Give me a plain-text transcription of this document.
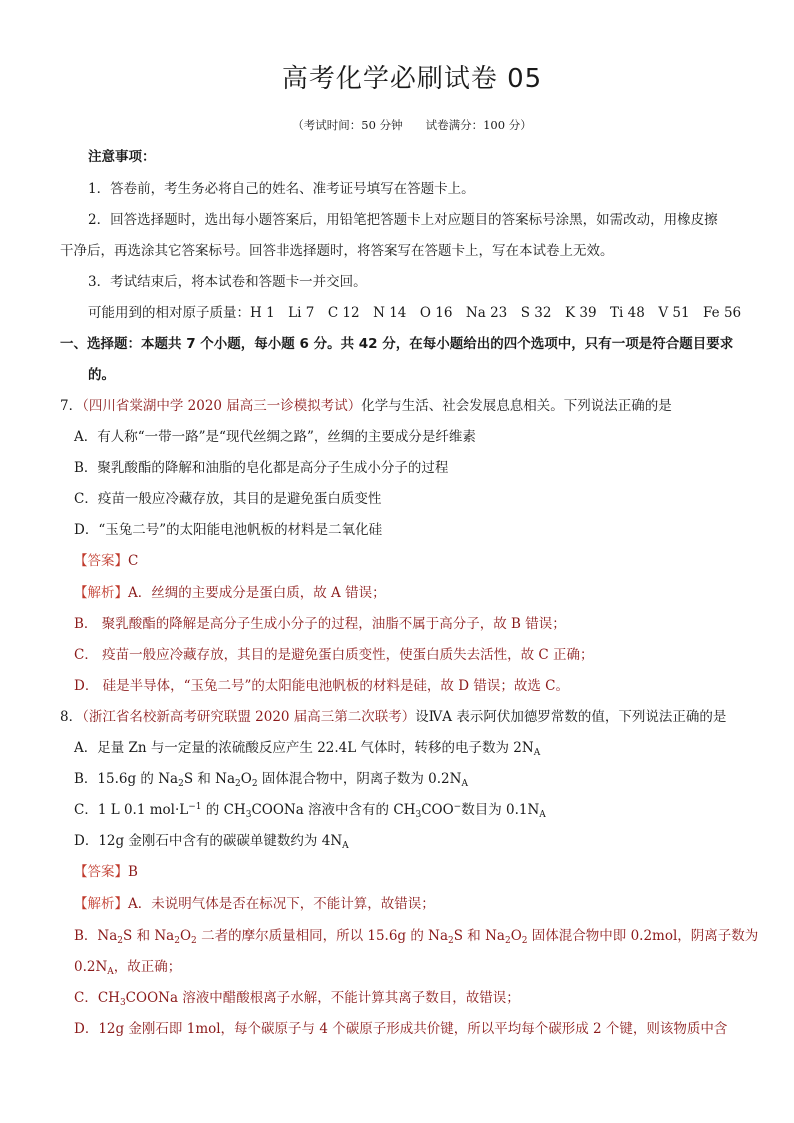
高考化学必刷试卷 05
（考试时间：50 分钟　　试卷满分：100 分）
注意事项：
1．答卷前，考生务必将自己的姓名、准考证号填写在答题卡上。
2．回答选择题时，选出每小题答案后，用铅笔把答题卡上对应题目的答案标号涂黑，如需改动，用橡皮擦
干净后，再选涂其它答案标号。回答非选择题时，将答案写在答题卡上，写在本试卷上无效。
3．考试结束后，将本试卷和答题卡一并交回。
可能用到的相对原子质量：H 1　Li 7　C 12　N 14　O 16　Na 23　S 32　K 39　Ti 48　V 51　Fe 56
一、选择题：本题共 7 个小题，每小题 6 分。共 42 分，在每小题给出的四个选项中，只有一项是符合题目要求
的。
7．（四川省棠湖中学 2020 届高三一诊模拟考试）化学与生活、社会发展息息相关。下列说法正确的是
A．有人称“一带一路”是“现代丝绸之路”，丝绸的主要成分是纤维素
B．聚乳酸酯的降解和油脂的皂化都是高分子生成小分子的过程
C．疫苗一般应冷藏存放，其目的是避免蛋白质变性
D．“玉兔二号”的太阳能电池帆板的材料是二氧化硅
【答案】C
【解析】A．丝绸的主要成分是蛋白质，故 A 错误；
B． 聚乳酸酯的降解是高分子生成小分子的过程，油脂不属于高分子，故 B 错误；
C． 疫苗一般应冷藏存放，其目的是避免蛋白质变性，使蛋白质失去活性，故 C 正确；
D． 硅是半导体，“玉兔二号”的太阳能电池帆板的材料是硅，故 D 错误；故选 C。
8．（浙江省名校新高考研究联盟 2020 届高三第二次联考）设ⅣA 表示阿伏加德罗常数的值，下列说法正确的是
A．足量 Zn 与一定量的浓硫酸反应产生 22.4L 气体时，转移的电子数为 $2N_A$
B．15.6g 的 $Na_2S$ 和 $Na_2O_2$ 固体混合物中，阴离子数为 $0.2N_A$
C．1 L 0.1 $mol\cdot L^{-1}$ 的 $CH_3COONa$ 溶液中含有的 $CH_3COO^-$数目为 $0.1N_A$
D．12g 金刚石中含有的碳碳单键数约为 $4N_A$
【答案】B
【解析】A．未说明气体是否在标况下，不能计算，故错误；
B．$Na_2S$ 和 $Na_2O_2$ 二者的摩尔质量相同，所以 15.6g 的 $Na_2S$ 和 $Na_2O_2$ 固体混合物中即 0.2mol，阴离子数为
$0.2N_A$，故正确；
C．$CH_3COONa$ 溶液中醋酸根离子水解，不能计算其离子数目，故错误；
D．12g 金刚石即 1mol，每个碳原子与 4 个碳原子形成共价键，所以平均每个碳形成 2 个键，则该物质中含
